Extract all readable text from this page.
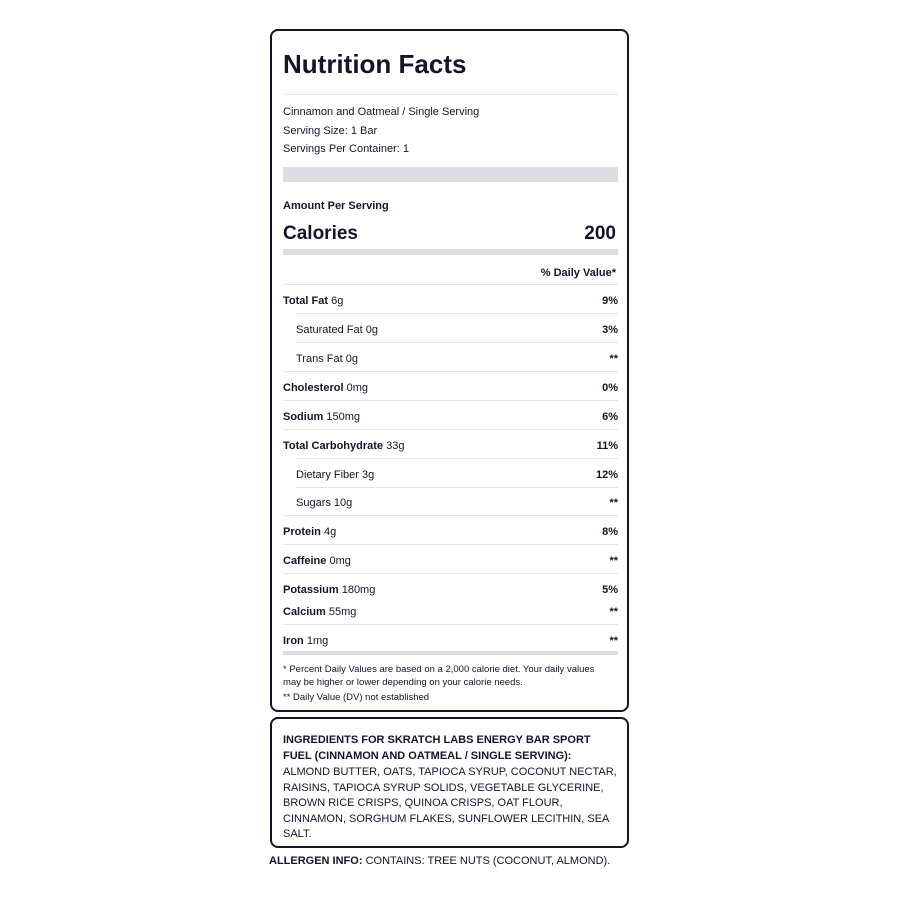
Nutrition Facts
Cinnamon and Oatmeal / Single Serving
Serving Size: 1 Bar
Servings Per Container: 1
Amount Per Serving
Calories	200
% Daily Value*
Total Fat 6g	9%
Saturated Fat 0g	3%
Trans Fat 0g	**
Cholesterol 0mg	0%
Sodium 150mg	6%
Total Carbohydrate 33g	11%
Dietary Fiber 3g	12%
Sugars 10g	**
Protein 4g	8%
Caffeine 0mg	**
Potassium 180mg	5%
Calcium 55mg	**
Iron 1mg	**
* Percent Daily Values are based on a 2,000 calorie diet. Your daily values may be higher or lower depending on your calorie needs.
** Daily Value (DV) not established
INGREDIENTS FOR SKRATCH LABS ENERGY BAR SPORT FUEL (CINNAMON AND OATMEAL / SINGLE SERVING):
ALMOND BUTTER, OATS, TAPIOCA SYRUP, COCONUT NECTAR, RAISINS, TAPIOCA SYRUP SOLIDS, VEGETABLE GLYCERINE, BROWN RICE CRISPS, QUINOA CRISPS, OAT FLOUR, CINNAMON, SORGHUM FLAKES, SUNFLOWER LECITHIN, SEA SALT.
ALLERGEN INFO: CONTAINS: TREE NUTS (COCONUT, ALMOND).
